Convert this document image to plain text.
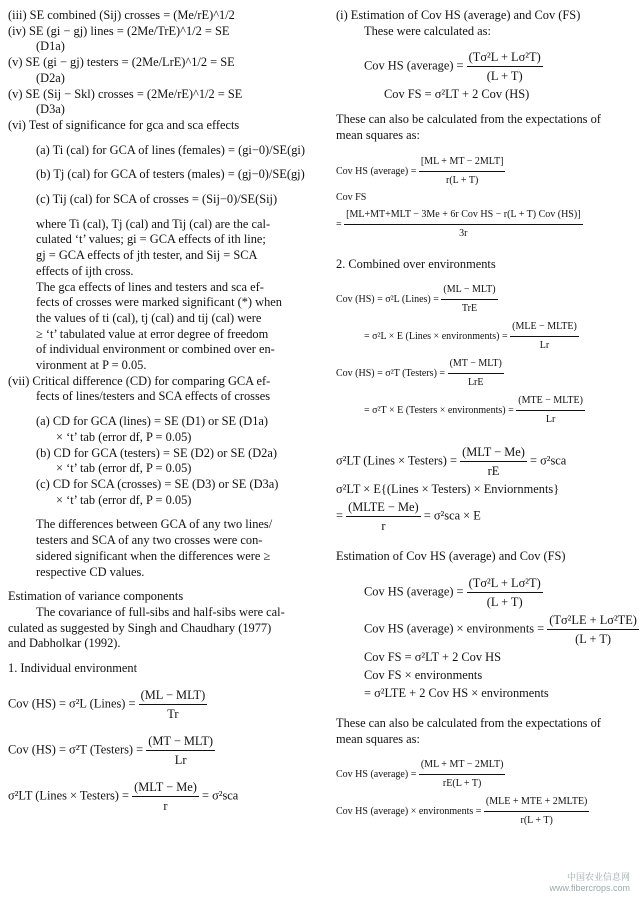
(iii) SE combined (Sij) crosses = (Me/rE)^1/2
(iv) SE (gi − gj) lines = (2Me/TrE)^1/2 = SE
(D1a)
(v) SE (gi − gj) testers = (2Me/LrE)^1/2 = SE
(D2a)
(v) SE (Sij − Skl) crosses = (2Me/rE)^1/2 = SE
(D3a)
(vi) Test of significance for gca and sca effects
(a) Ti (cal) for GCA of lines (females) = (gi−0)/SE(gi)
(b) Tj (cal) for GCA of testers (males) = (gj−0)/SE(gj)
(c) Tij (cal) for SCA of crosses = (Sij−0)/SE(Sij)
where Ti (cal), Tj (cal) and Tij (cal) are the cal-
culated ‘t’ values; gi = GCA effects of ith line;
gj = GCA effects of jth tester, and Sij = SCA
effects of ijth cross.
The gca effects of lines and testers and sca ef-
fects of crosses were marked significant (*) when
the values of ti (cal), tj (cal) and tij (cal) were
≥ ‘t’ tabulated value at error degree of freedom
of individual environment or combined over en-
vironment at P = 0.05.
(vii) Critical difference (CD) for comparing GCA ef-
fects of lines/testers and SCA effects of crosses
(a) CD for GCA (lines) = SE (D1) or SE (D1a)
× ‘t’ tab (error df, P = 0.05)
(b) CD for GCA (testers) = SE (D2) or SE (D2a)
× ‘t’ tab (error df, P = 0.05)
(c) CD for SCA (crosses) = SE (D3) or SE (D3a)
× ‘t’ tab (error df, P = 0.05)
The differences between GCA of any two lines/
testers and SCA of any two crosses were con-
sidered significant when the differences were ≥
respective CD values.
Estimation of variance components
The covariance of full-sibs and half-sibs were cal-
culated as suggested by Singh and Chaudhary (1977)
and Dabholkar (1992).
1. Individual environment
Cov (HS) = σ²L (Lines) = $\frac{\text{(ML − MLT)}}{Tr}$
Cov (HS) = σ²T (Testers) = $\frac{\text{(MT − MLT)}}{Lr}$
σ²LT (Lines × Testers) = $\frac{\text{(MLT − Me)}}{r} = \sigma^2sca$
(i) Estimation of Cov HS (average) and Cov (FS)
These were calculated as:
Cov HS (average) = $\frac{\text{(Tσ²L + Lσ²T)}}{(L + T)}$
Cov FS = σ²LT + 2 Cov (HS)
These can also be calculated from the expectations of
mean squares as:
Cov HS (average) = $\frac{\text{[ML + MT − 2MLT]}}{r(L + T)}$
Cov FS
= $\frac{\text{[ML+MT+MLT − 3Me + 6r Cov HS − r(L + T) Cov (HS)]}}{3r}$
2. Combined over environments
Cov (HS) = σ²L (Lines) = $\frac{\text{(ML − MLT)}}{\text{TrE}}$
= σ²L × E (Lines × environments) = $\frac{\text{(MLE − MLTE)}}{Lr}$
Cov (HS) = σ²T (Testers) = $\frac{\text{(MT − MLT)}}{\text{LrE}}$
= σ²T × E (Testers × environments) = $\frac{\text{(MTE − MLTE)}}{Lr}$
σ²LT (Lines × Testers) = $\frac{\text{(MLT − Me)}}{rE} = \sigma^2sca$
σ²LT × E{(Lines × Testers) × Enviornments}
= $\frac{\text{(MLTE − Me)}}{r} = \sigma^2sca \times E$
Estimation of Cov HS (average) and Cov (FS)
Cov HS (average) = $\frac{\text{(Tσ²L + Lσ²T)}}{(L + T)}$
Cov HS (average) × environments = $\frac{\text{(Tσ²LE + Lσ²TE)}}{(L + T)}$
Cov FS = σ²LT + 2 Cov HS
Cov FS × environments
= σ²LTE + 2 Cov HS × environments
These can also be calculated from the expectations of
mean squares as:
Cov HS (average) = $\frac{\text{(ML + MT − 2MLT)}}{rE(L + T)}$
Cov HS (average) × environments = $\frac{\text{(MLE + MTE + 2MLTE)}}{r(L + T)}$
中国农业信息网
www.fibercrops.com
